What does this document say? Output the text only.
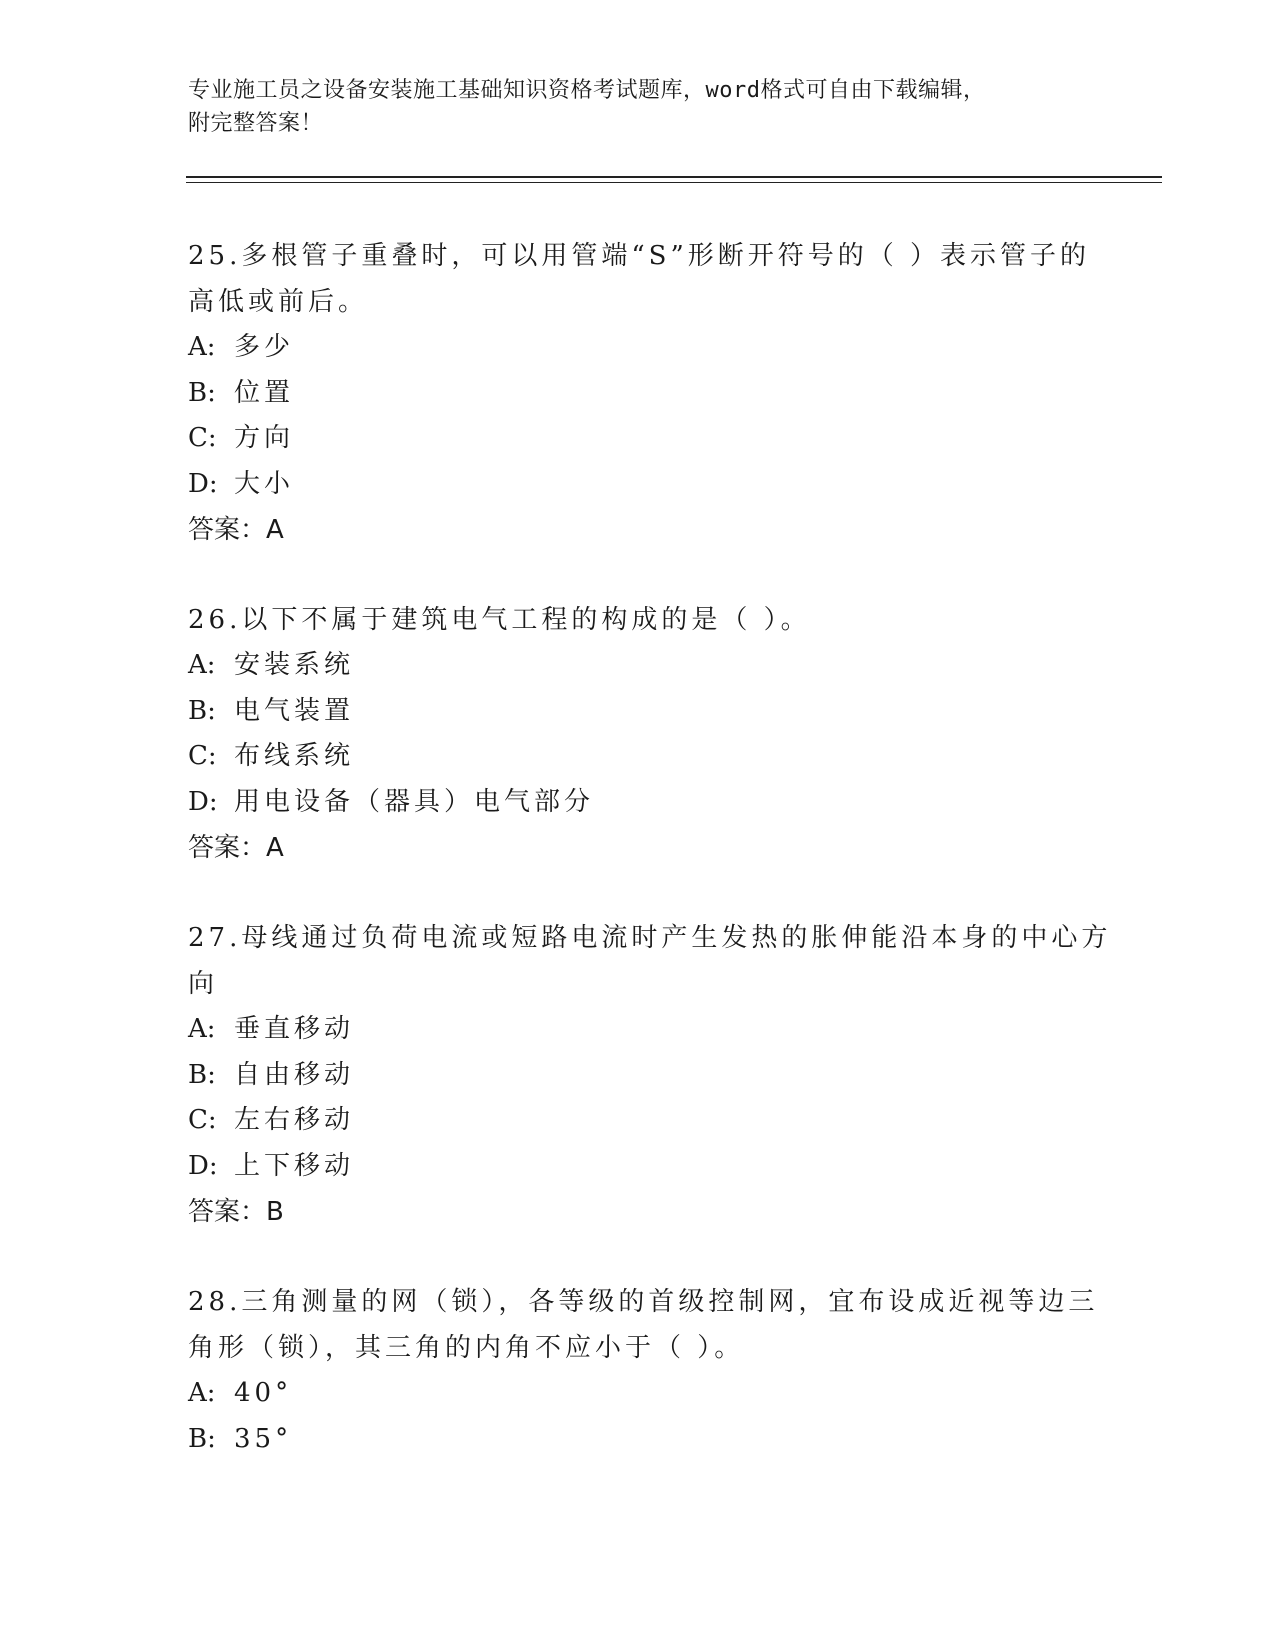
专业施工员之设备安装施工基础知识资格考试题库，word格式可自由下载编辑，
附完整答案！
25.多根管子重叠时，可以用管端“S”形断开符号的（ ）表示管子的
高低或前后。
A: 多少
B: 位置
C: 方向
D: 大小
答案：A
26.以下不属于建筑电气工程的构成的是（ ）。
A: 安装系统
B: 电气装置
C: 布线系统
D: 用电设备（器具）电气部分
答案：A
27.母线通过负荷电流或短路电流时产生发热的胀伸能沿本身的中心方
向
A: 垂直移动
B: 自由移动
C: 左右移动
D: 上下移动
答案：B
28.三角测量的网（锁），各等级的首级控制网，宜布设成近视等边三
角形（锁），其三角的内角不应小于（ ）。
A: 40°
B: 35°
